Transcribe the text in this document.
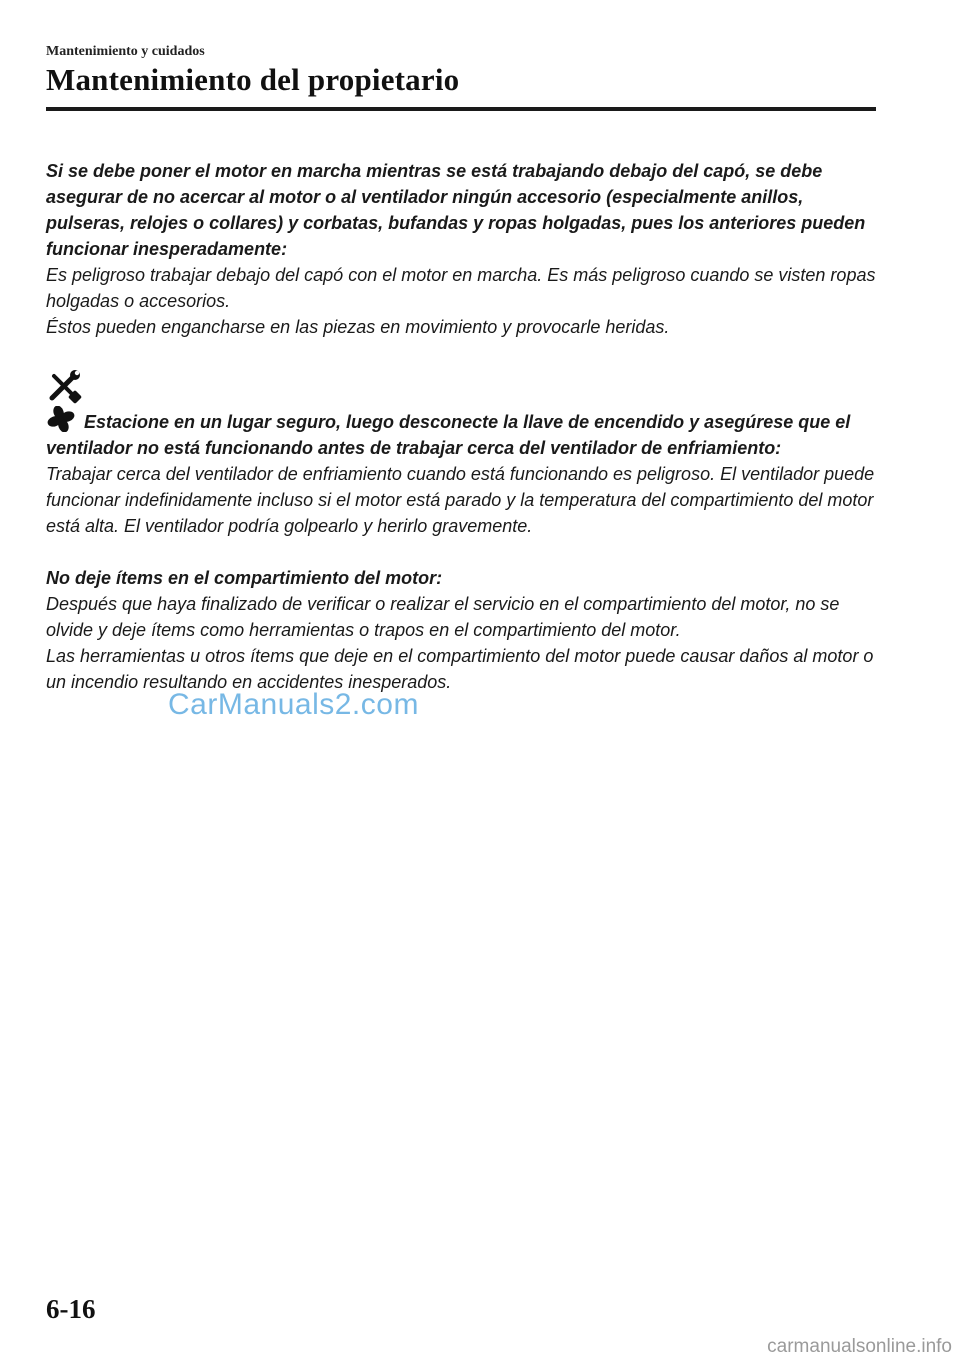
Mantenimiento y cuidados
Mantenimiento del propietario

Si se debe poner el motor en marcha mientras se está trabajando debajo del capó, se debe asegurar de no acercar al motor o al ventilador ningún accesorio (especialmente anillos, pulseras, relojes o collares) y corbatas, bufandas y ropas holgadas, pues los anteriores pueden funcionar inesperadamente:

Es peligroso trabajar debajo del capó con el motor en marcha. Es más peligroso cuando se visten ropas holgadas o accesorios.

Éstos pueden engancharse en las piezas en movimiento y provocarle heridas.

Estacione en un lugar seguro, luego desconecte la llave de encendido y asegúrese que el ventilador no está funcionando antes de trabajar cerca del ventilador de enfriamiento:

Trabajar cerca del ventilador de enfriamiento cuando está funcionando es peligroso. El ventilador puede funcionar indefinidamente incluso si el motor está parado y la temperatura del compartimiento del motor está alta. El ventilador podría golpearlo y herirlo gravemente.

No deje ítems en el compartimiento del motor:

Después que haya finalizado de verificar o realizar el servicio en el compartimiento del motor, no se olvide y deje ítems como herramientas o trapos en el compartimiento del motor.

Las herramientas u otros ítems que deje en el compartimiento del motor puede causar daños al motor o un incendio resultando en accidentes inesperados.

CarManuals2.com
6-16
carmanualsonline.info
